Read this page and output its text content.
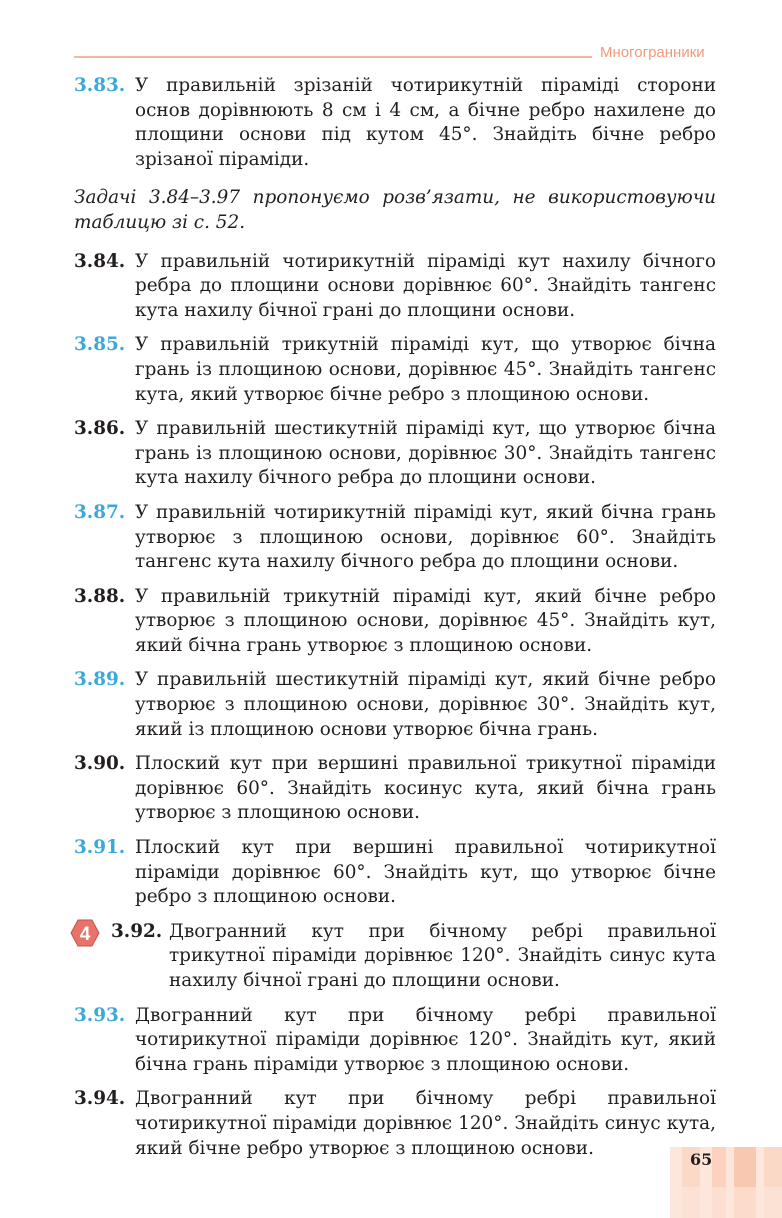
Многогранники
3.83. У правильній зрізаній чотирикутній піраміді сторони основ дорівнюють 8 см і 4 см, а бічне ребро нахилене до площини основи під кутом 45°. Знайдіть бічне ребро зрізаної піраміди.
Задачі 3.84–3.97 пропонуємо розв’язати, не використовуючи таблицю зі с. 52.
3.84. У правильній чотирикутній піраміді кут нахилу бічного ребра до площини основи дорівнює 60°. Знайдіть тангенс кута нахилу бічної грані до площини основи.
3.85. У правильній трикутній піраміді кут, що утворює бічна грань із площиною основи, дорівнює 45°. Знайдіть тангенс кута, який утворює бічне ребро з площиною основи.
3.86. У правильній шестикутній піраміді кут, що утворює бічна грань із площиною основи, дорівнює 30°. Знайдіть тангенс кута нахилу бічного ребра до площини основи.
3.87. У правильній чотирикутній піраміді кут, який бічна грань утворює з площиною основи, дорівнює 60°. Знайдіть тангенс кута нахилу бічного ребра до площини основи.
3.88. У правильній трикутній піраміді кут, який бічне ребро утворює з площиною основи, дорівнює 45°. Знайдіть кут, який бічна грань утворює з площиною основи.
3.89. У правильній шестикутній піраміді кут, який бічне ребро утворює з площиною основи, дорівнює 30°. Знайдіть кут, який із площиною основи утворює бічна грань.
3.90. Плоский кут при вершині правильної трикутної піраміди дорівнює 60°. Знайдіть косинус кута, який бічна грань утворює з площиною основи.
3.91. Плоский кут при вершині правильної чотирикутної піраміди дорівнює 60°. Знайдіть кут, що утворює бічне ребро з площиною основи.
4 3.92. Двогранний кут при бічному ребрі правильної трикутної піраміди дорівнює 120°. Знайдіть синус кута нахилу бічної грані до площини основи.
3.93. Двогранний кут при бічному ребрі правильної чотирикутної піраміди дорівнює 120°. Знайдіть кут, який бічна грань піраміди утворює з площиною основи.
3.94. Двогранний кут при бічному ребрі правильної чотирикутної піраміди дорівнює 120°. Знайдіть синус кута, який бічне ребро утворює з площиною основи.
65
